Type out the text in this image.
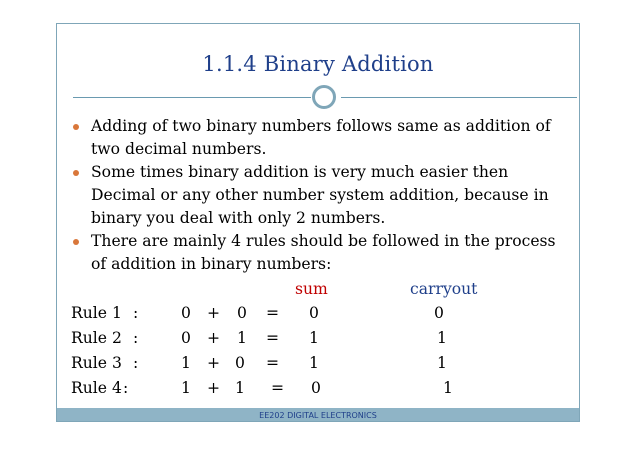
1.1.4 Binary Addition
Adding of two binary numbers follows same as addition of two decimal numbers.
Some times binary addition is very much easier then Decimal or any other number system addition, because in binary you deal with only 2 numbers.
There are mainly 4 rules should be followed in the process of addition in binary numbers:
sum	carryout
Rule 1 :	0 + 0 = 0	0
Rule 2 :	0 + 1 = 1	1
Rule 3 :	1 + 0 = 1	1
Rule 4 :	1 + 1 = 0	1
EE202 DIGITAL ELECTRONICS
